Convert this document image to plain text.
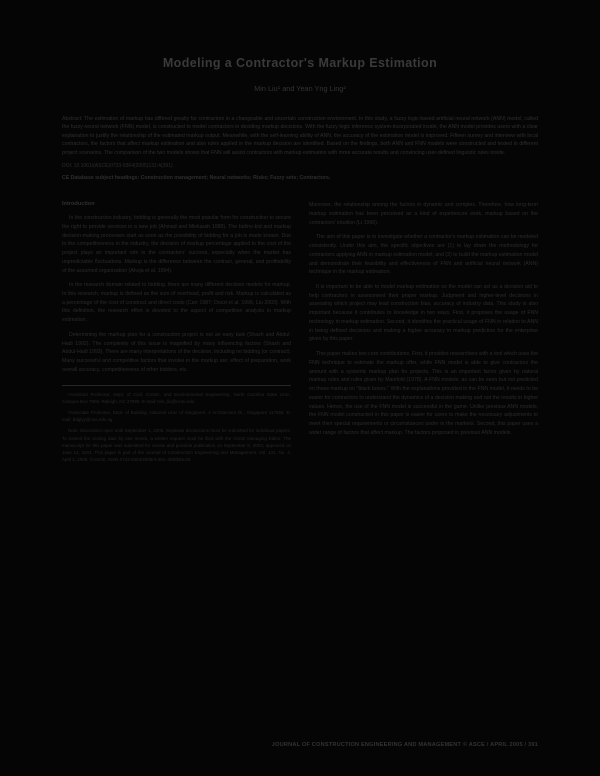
Modeling a Contractor's Markup Estimation
Min Liu¹ and Yean Yng Ling²
Abstract: The estimation of markup has differed greatly for contractors in a changeable and uncertain construction environment. In this study, a fuzzy logic-based artificial neural network (ANN) model, called the fuzzy neural network (FNN) model, is constructed to model contractors in deciding markup decisions. With the fuzzy logic inference system-incorporated inside, the ANN model provides users with a clear explanation to justify the relationship of the estimated markup output. Meanwhile, with the self-learning ability of ANN, the accuracy of the estimation model is improved. Fifteen survey and interview with local contractors, the factors that affect markup estimation and also rules applied in the markup decision are identified. Based on the findings, both ANN and FNN models were constructed and tested in different project scenarios. The comparison of the two models shows that FNN will assist contractors with markup estimation with more accurate results and convincing user-defined linguistic rules inside.
DOI: 10.1061/(ASCE)0733-9364(2005)131:4(391)
CE Database subject headings: Construction management; Neural networks; Risks; Fuzzy sets; Contractors.
Introduction

In the construction industry, bidding is generally the most popular form for construction to secure the right to provide services in a new job (Ahmad and Minkarah 1988). The bid/no-bid and markup decision-making processes start as soon as the possibility of bidding for a job is made known. Due to the competitiveness in the industry, the decision of markup percentage applied to the cost of the project plays an important role in the contractors' success, especially when the market has unpredictable fluctuations. Markup is the difference between the contract, general, and profitability of the assumed organization (Ahuja et al. 1994).

In the research domain related to bidding, there are many different decision models for markup. In this research, markup is defined as the sum of overhead, profit and risk. Markup is calculated as a percentage of the cost of construct and direct costs (Carr 1987; Dozzi et al. 1996; Liu 2003). With this definition, the research effort is devoted to the aspect of competition analysis in markup estimation.

Determining the markup plan for a construction project is not an easy task (Shash and Abdul-Hadi 1992). The complexity of this issue is magnified by many influencing factors (Shash and Abdul-Hadi 1993). There are many interpretations of the decision, including no bidding (or contract). Many successful and competitive factors that involve in the markup are: effect of preparation, work overall accuracy, competitiveness of other bidders, etc.

¹Assistant Professor, Dept. of Civil, Constr., and Environmental Engineering, North Carolina State Univ., Campus Box 7908, Raleigh, NC 27695. E-mail: min_liu@ncsu.edu

²Associate Professor, Dept. of Building, National Univ. of Singapore, 4 Architecture Dr., Singapore 117566. E-mail: bdglyy@nus.edu.sg

Note. Discussion open until September 1, 2005. Separate discussions must be submitted for individual papers. To extend the closing date by one month, a written request must be filed with the ASCE Managing Editor. The manuscript for this paper was submitted for review and possible publication on September 8, 2003; approved on June 14, 2004. This paper is part of the Journal of Construction Engineering and Management, Vol. 131, No. 4, April 1, 2005. ©ASCE, ISSN 0733-9364/2005/4-391–399/$25.00.

Moreover, the relationship among the factors in dynamic and complex. Therefore, how long-term markup estimation has been perceived as a kind of experiences work, markup based on the contractors' intuition (Li 1996).

The aim of this paper is to investigate whether a contractor's markup estimation can be modeled consistently. Under this aim, the specific objectives are (1) to lay down the methodology for contractors applying ANN in markup estimation model; and (2) to build the markup estimation model and demonstrate their feasibility and effectiveness of FNN and artificial neural network (ANN) technique in the markup estimation.

It is important to be able to model markup estimation so the model can act as a decision aid to help contractors in assessment their proper markup. Judgment and higher-level decisions in assessing which project may lead construction bias, accuracy of industry data. This study is also important because it contributes to knowledge in two ways. First, it proposes the usage of FNN technology in markup estimation. Second, it identifies the practical usage of FNN in relation to ANN in being defined decisions and making a higher accuracy in markup prediction for the enterprise given by this paper.

This paper makes two core contributions. First, it provides researchers with a tool which uses the FNN technique to estimate the markup offer, while FNN model is able to give contractors the amount with a systemic markup plan for projects. This is an important factor given by natural markup rules and rules given by Manifold (1978). A FNN module, as can be seen but not predicted on those markup on "black boxes." With the explanations provided in the FNN model, it needs to be easier for contractors to understand the dynamics of a decision making and not the results in higher values. Hence, the use of the FNN model is successful in the game. Unlike previous ANN models, the FNN model constructed in this paper is easier for users to make the necessary adjustments to meet their special requirements or circumstances under in the markets. Second, this paper uses a wider range of factors that affect markup. The factors proposed in previous ANN models.

JOURNAL OF CONSTRUCTION ENGINEERING AND MANAGEMENT © ASCE / APRIL 2005 / 391
